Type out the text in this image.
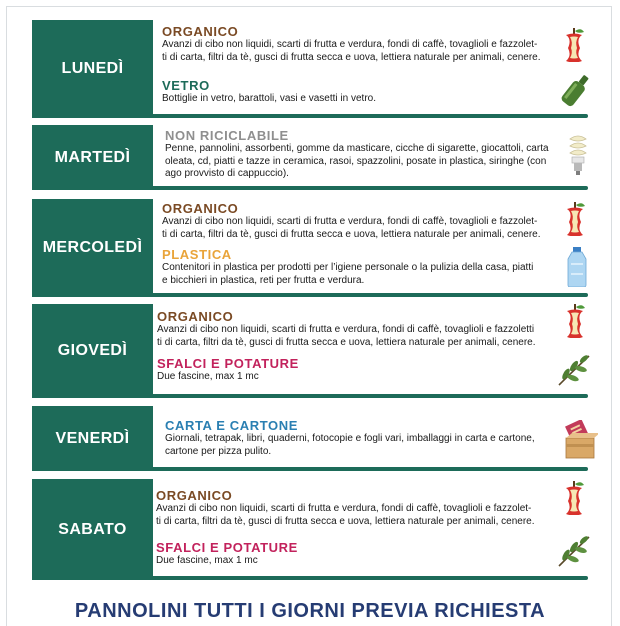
LUNEDÌ
ORGANICO
Avanzi di cibo non liquidi, scarti di frutta e verdura, fondi di caffè, tovaglioli e fazzolet-
ti di carta, filtri da tè, gusci di frutta secca e uova, lettiera naturale per animali, cenere.
VETRO
Bottiglie in vetro, barattoli, vasi e vasetti in vetro.
MARTEDÌ
NON RICICLABILE
Penne, pannolini, assorbenti, gomme da masticare, cicche di sigarette, giocattoli, carta
oleata, cd, piatti e tazze in ceramica, rasoi, spazzolini, posate in plastica, siringhe (con
ago provvisto di cappuccio).
MERCOLEDÌ
ORGANICO
Avanzi di cibo non liquidi, scarti di frutta e verdura, fondi di caffè, tovaglioli e fazzolet-
ti di carta, filtri da tè, gusci di frutta secca e uova, lettiera naturale per animali, cenere.
PLASTICA
Contenitori in plastica per prodotti per l’igiene personale o la pulizia della casa, piatti
e bicchieri in plastica, reti per frutta e verdura.
GIOVEDÌ
ORGANICO
Avanzi di cibo non liquidi, scarti di frutta e verdura, fondi di caffè, tovaglioli e fazzoletti
ti di carta, filtri da tè, gusci di frutta secca e uova, lettiera naturale per animali, cenere.
SFALCI E POTATURE
Due fascine, max 1 mc
VENERDÌ
CARTA E CARTONE
Giornali, tetrapak, libri, quaderni, fotocopie e fogli vari, imballaggi in carta e cartone,
cartone per pizza pulito.
SABATO
ORGANICO
Avanzi di cibo non liquidi, scarti di frutta e verdura, fondi di caffè, tovaglioli e fazzolet-
ti di carta, filtri da tè, gusci di frutta secca e uova, lettiera naturale per animali, cenere.
SFALCI E POTATURE
Due fascine, max 1 mc
PANNOLINI TUTTI I GIORNI PREVIA RICHIESTA
